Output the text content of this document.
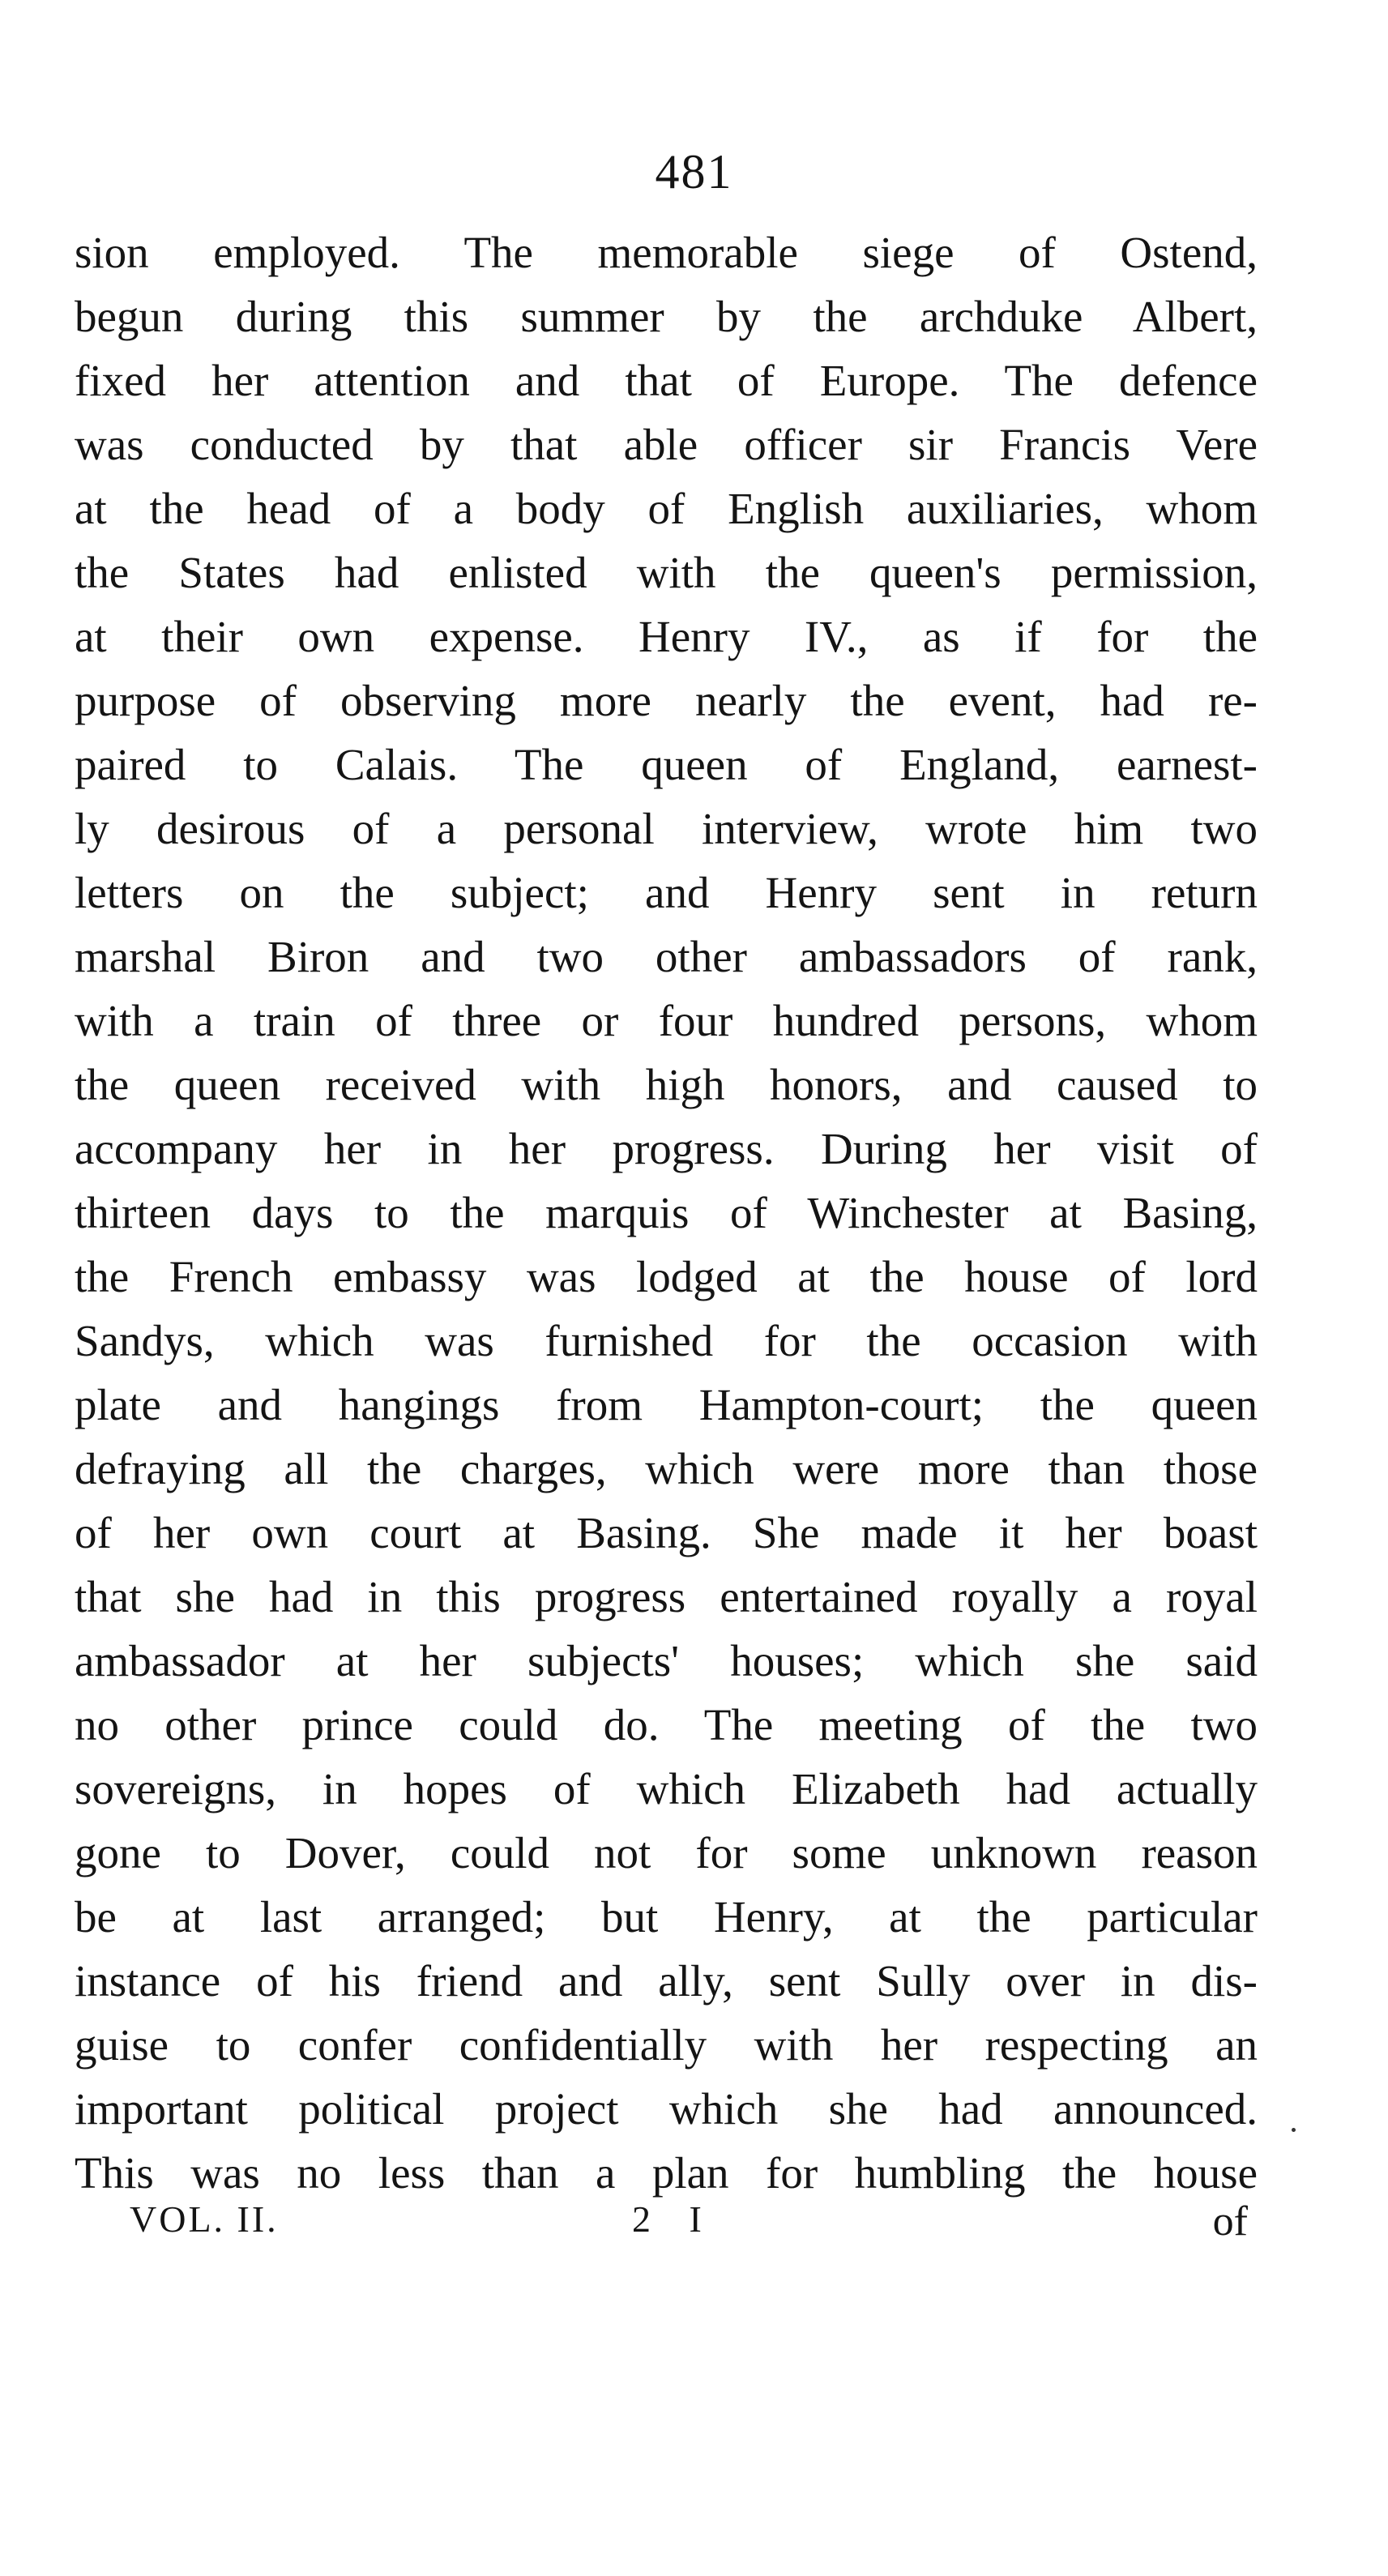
481
sion employed. The memorable siege of Ostend,
begun during this summer by the archduke Albert,
fixed her attention and that of Europe. The defence
was conducted by that able officer sir Francis Vere
at the head of a body of English auxiliaries, whom
the States had enlisted with the queen's permission,
at their own expense. Henry IV., as if for the
purpose of observing more nearly the event, had re-
paired to Calais. The queen of England, earnest-
ly desirous of a personal interview, wrote him two
letters on the subject; and Henry sent in return
marshal Biron and two other ambassadors of rank,
with a train of three or four hundred persons, whom
the queen received with high honors, and caused to
accompany her in her progress. During her visit of
thirteen days to the marquis of Winchester at Basing,
the French embassy was lodged at the house of lord
Sandys, which was furnished for the occasion with
plate and hangings from Hampton-court; the queen
defraying all the charges, which were more than those
of her own court at Basing. She made it her boast
that she had in this progress entertained royally a royal
ambassador at her subjects' houses; which she said
no other prince could do. The meeting of the two
sovereigns, in hopes of which Elizabeth had actually
gone to Dover, could not for some unknown reason
be at last arranged; but Henry, at the particular
instance of his friend and ally, sent Sully over in dis-
guise to confer confidentially with her respecting an
important political project which she had announced.
This was no less than a plan for humbling the house
VOL. II.	2 I	of
